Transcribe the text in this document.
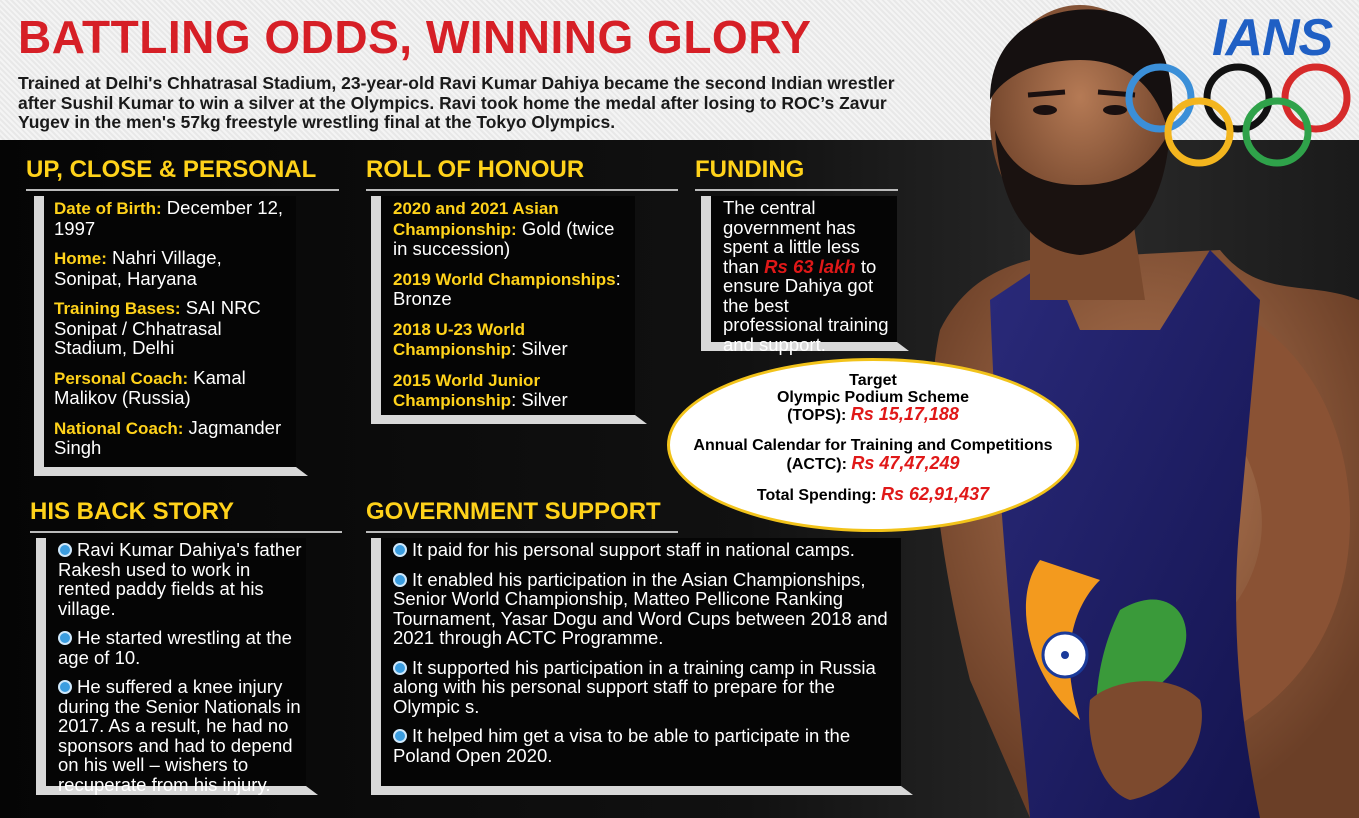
BATTLING ODDS, WINNING GLORY
Trained at Delhi's Chhatrasal Stadium, 23-year-old Ravi Kumar Dahiya became the second Indian wrestler after Sushil Kumar to win a silver at the Olympics. Ravi took home the medal after losing to ROC’s Zavur Yugev in the men's 57kg freestyle wrestling final at the Tokyo Olympics.
IANS
UP, CLOSE & PERSONAL
Date of Birth: December 12, 1997
Home: Nahri Village, Sonipat, Haryana
Training Bases: SAI NRC Sonipat / Chhatrasal Stadium, Delhi
Personal Coach: Kamal Malikov (Russia)
National Coach: Jagmander Singh
ROLL OF HONOUR
2020 and 2021 Asian Championship: Gold (twice in succession)
2019 World Championships: Bronze
2018 U-23 World Championship: Silver
2015 World Junior Championship: Silver
FUNDING
The central government has spent a little less than Rs 63 lakh to ensure Dahiya got the best professional training and support.
Target
Olympic Podium Scheme
(TOPS): Rs 15,17,188
Annual Calendar for Training and Competitions
(ACTC): Rs 47,47,249
Total Spending: Rs 62,91,437
HIS BACK STORY
Ravi Kumar Dahiya's father Rakesh used to work in rented paddy fields at his village.
He started wrestling at the age of 10.
He suffered a knee injury during the Senior Nationals in 2017. As a result, he had no sponsors and had to depend on his well – wishers to recuperate from his injury.
GOVERNMENT SUPPORT
It paid for his personal support staff in national camps.
It enabled his participation in the Asian Championships, Senior World Championship, Matteo Pellicone Ranking Tournament, Yasar Dogu and Word Cups between 2018 and 2021 through ACTC Programme.
It supported his participation in a training camp in Russia along with his personal support staff to prepare for the Olympic s.
It helped him get a visa to be able to participate in the Poland Open 2020.
